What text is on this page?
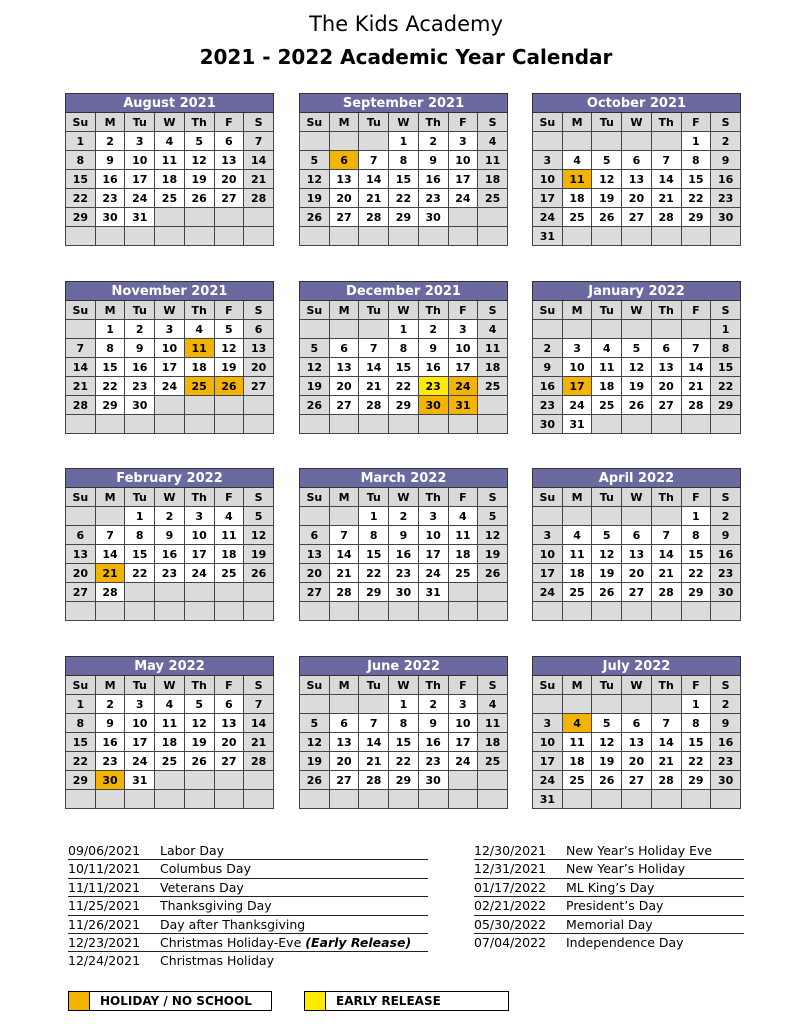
The Kids Academy
2021 - 2022 Academic Year Calendar
August 2021						
Su	M	Tu	W	Th	F	S
1	2	3	4	5	6	7
8	9	10	11	12	13	14
15	16	17	18	19	20	21
22	23	24	25	26	27	28
29	30	31				

September 2021						
Su	M	Tu	W	Th	F	S
			1	2	3	4
5	6	7	8	9	10	11
12	13	14	15	16	17	18
19	20	21	22	23	24	25
26	27	28	29	30		

October 2021						
Su	M	Tu	W	Th	F	S
					1	2
3	4	5	6	7	8	9
10	11	12	13	14	15	16
17	18	19	20	21	22	23
24	25	26	27	28	29	30
31						
November 2021						
Su	M	Tu	W	Th	F	S
	1	2	3	4	5	6
7	8	9	10	11	12	13
14	15	16	17	18	19	20
21	22	23	24	25	26	27
28	29	30				

December 2021						
Su	M	Tu	W	Th	F	S
			1	2	3	4
5	6	7	8	9	10	11
12	13	14	15	16	17	18
19	20	21	22	23	24	25
26	27	28	29	30	31	

January 2022						
Su	M	Tu	W	Th	F	S
						1
2	3	4	5	6	7	8
9	10	11	12	13	14	15
16	17	18	19	20	21	22
23	24	25	26	27	28	29
30	31					
February 2022						
Su	M	Tu	W	Th	F	S
		1	2	3	4	5
6	7	8	9	10	11	12
13	14	15	16	17	18	19
20	21	22	23	24	25	26
27	28					

March 2022						
Su	M	Tu	W	Th	F	S
		1	2	3	4	5
6	7	8	9	10	11	12
13	14	15	16	17	18	19
20	21	22	23	24	25	26
27	28	29	30	31		

April 2022						
Su	M	Tu	W	Th	F	S
					1	2
3	4	5	6	7	8	9
10	11	12	13	14	15	16
17	18	19	20	21	22	23
24	25	26	27	28	29	30

May 2022						
Su	M	Tu	W	Th	F	S
1	2	3	4	5	6	7
8	9	10	11	12	13	14
15	16	17	18	19	20	21
22	23	24	25	26	27	28
29	30	31				

June 2022						
Su	M	Tu	W	Th	F	S
			1	2	3	4
5	6	7	8	9	10	11
12	13	14	15	16	17	18
19	20	21	22	23	24	25
26	27	28	29	30		

July 2022						
Su	M	Tu	W	Th	F	S
					1	2
3	4	5	6	7	8	9
10	11	12	13	14	15	16
17	18	19	20	21	22	23
24	25	26	27	28	29	30
31						
09/06/2021	Labor Day
10/11/2021	Columbus Day
11/11/2021	Veterans Day
11/25/2021	Thanksgiving Day
11/26/2021	Day after Thanksgiving
12/23/2021	Christmas Holiday-Eve (Early Release)
12/24/2021	Christmas Holiday
12/30/2021	New Year’s Holiday Eve
12/31/2021	New Year’s Holiday
01/17/2022	ML King’s Day
02/21/2022	President’s Day
05/30/2022	Memorial Day
07/04/2022	Independence Day
HOLIDAY / NO SCHOOL	EARLY RELEASE
